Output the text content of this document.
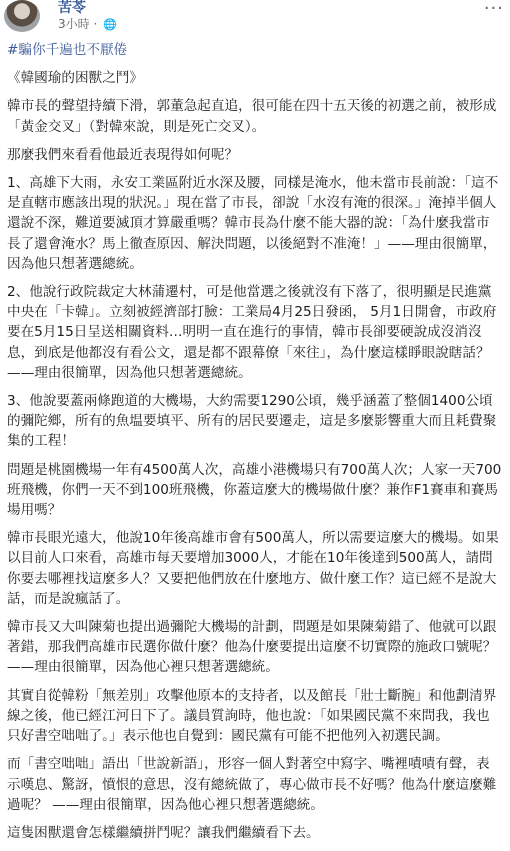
苦苓
3小時 · 🌐
···
#騙你千遍也不厭倦

《韓國瑜的困獸之鬥》

韓市長的聲望持續下滑，郭董急起直追，很可能在四十五天後的初選之前，被形成「黃金交叉」（對韓來說，則是死亡交叉）。

那麼我們來看看他最近表現得如何呢？

1、高雄下大雨，永安工業區附近水深及腰，同樣是淹水，他未當市長前說：「這不是直轄市應該出現的狀況。」現在當了市長，卻說「水沒有淹的很深。」淹掉半個人還說不深，難道要滅頂才算嚴重嗎？韓市長為什麼不能大器的說：「為什麼我當市長了還會淹水？馬上徹查原因、解決問題，以後絕對不准淹！」——理由很簡單，因為他只想著選總統。

2、他說行政院裁定大林蒲遷村，可是他當選之後就沒有下落了，很明顯是民進黨中央在「卡韓」。立刻被經濟部打臉：工業局4月25日發函， 5月1日開會，市政府要在5月15日呈送相關資料…明明一直在進行的事情，韓市長卻要硬說成沒消沒息，到底是他都沒有看公文，還是都不跟幕僚「來往」，為什麼這樣睜眼說瞎話？——理由很簡單，因為他只想著選總統。

3、他說要蓋兩條跑道的大機場，大約需要1290公頃，幾乎涵蓋了整個1400公頃的彌陀鄉，所有的魚塭要填平、所有的居民要遷走，這是多麼影響重大而且耗費聚集的工程！

問題是桃園機場一年有4500萬人次，高雄小港機場只有700萬人次；人家一天700班飛機，你們一天不到100班飛機，你蓋這麼大的機場做什麼？兼作F1賽車和賽馬場用嗎？

韓市長眼光遠大，他說10年後高雄市會有500萬人，所以需要這麼大的機場。如果以目前人口來看，高雄市每天要增加3000人，才能在10年後達到500萬人，請問你要去哪裡找這麼多人？又要把他們放在什麼地方、做什麼工作？這已經不是說大話，而是說瘋話了。

韓市長又大叫陳菊也提出過彌陀大機場的計劃，問題是如果陳菊錯了、他就可以跟著錯，那我們高雄市民選你做什麼？他為什麼要提出這麼不切實際的施政口號呢？——理由很簡單，因為他心裡只想著選總統。

其實自從韓粉「無差別」攻擊他原本的支持者，以及館長「壯士斷腕」和他劃清界線之後，他已經江河日下了。議員質詢時，他也說：「如果國民黨不來問我，我也只好書空咄咄了。」表示他也自覺到：國民黨有可能不把他列入初選民調。

而「書空咄咄」語出「世說新語」，形容一個人對著空中寫字、嘴裡嘖嘖有聲，表示嘆息、驚訝，憤恨的意思，沒有總統做了，專心做市長不好嗎？他為什麼這麼難過呢？ ——理由很簡單，因為他心裡只想著選總統。

這隻困獸還會怎樣繼續拼鬥呢？讓我們繼續看下去。
